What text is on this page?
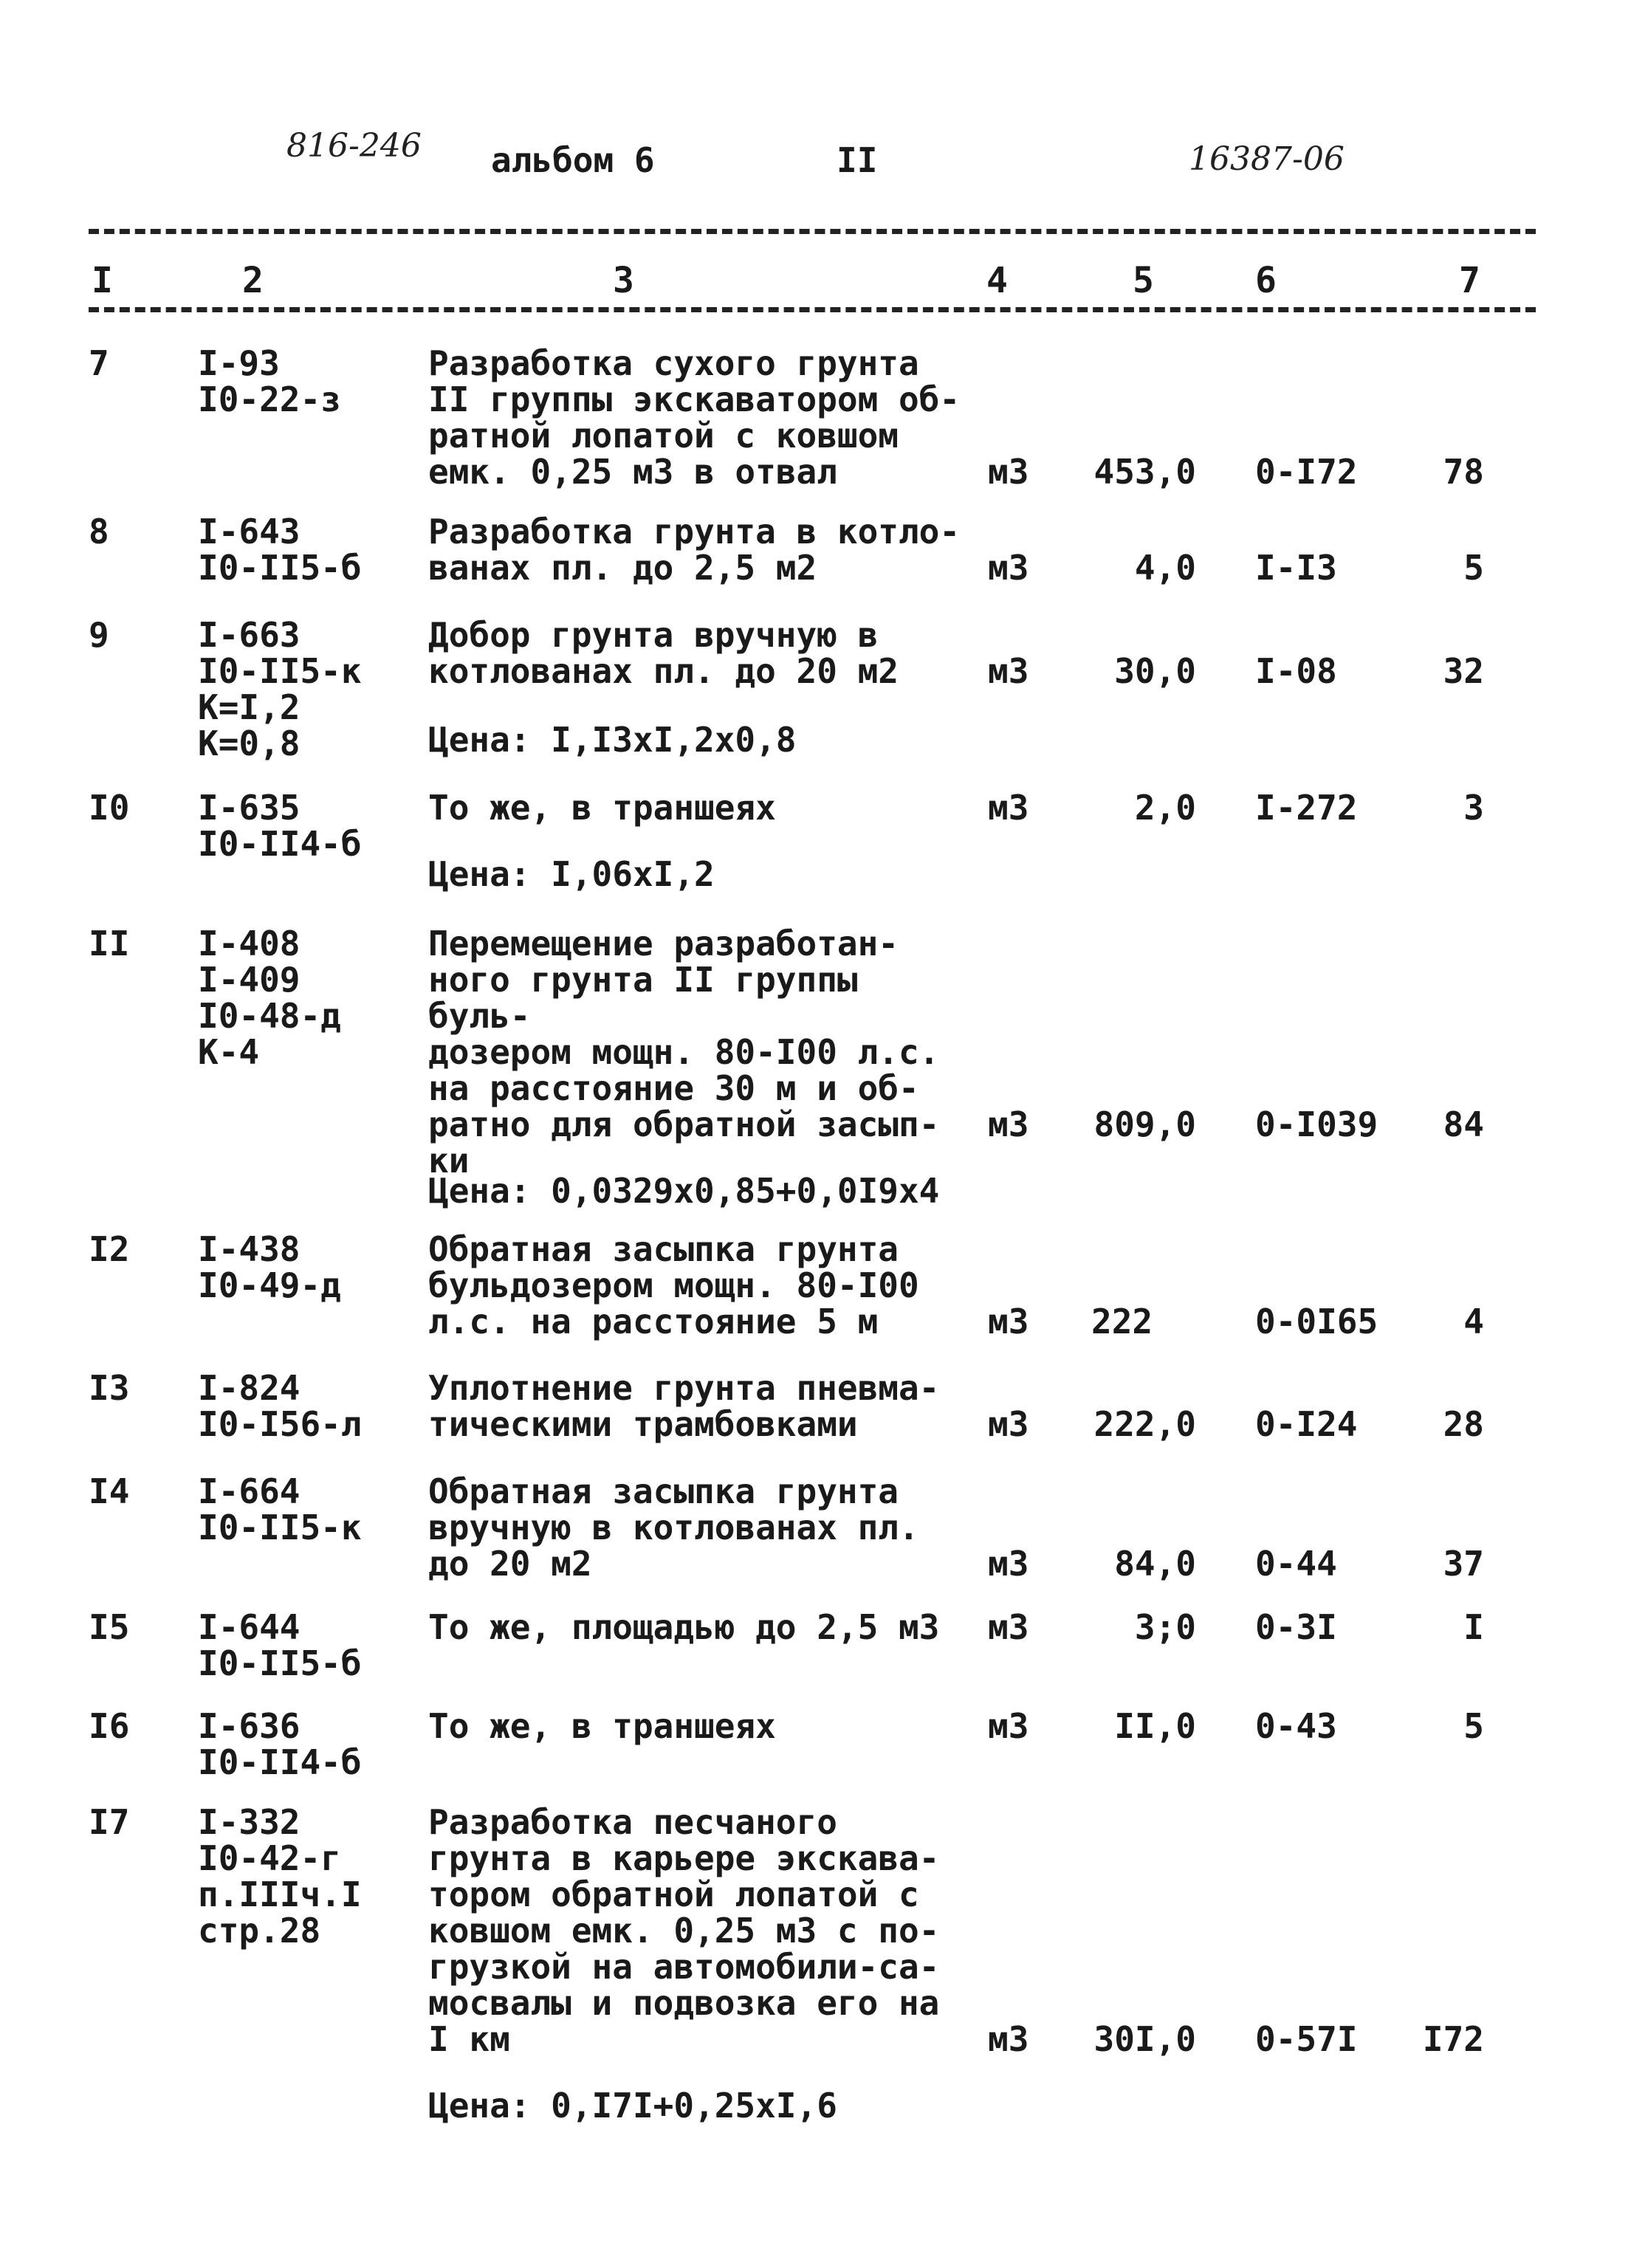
816-246 альбом 6	II	16387-06
I	2	3	4	5	6	7
7	I-93
I0-22-з
Разработка сухого грунта
II группы экскаватором об-
ратной лопатой с ковшом
емк. 0,25 м3 в отвал	м3	453,0 0-I72	78
8	I-643
I0-II5-б
Разработка грунта в котло-
ванах пл. до 2,5 м2	м3	4,0 I-I3	5
9	I-663
I0-II5-к
К=I,2
К=0,8
Добор грунта вручную в
котлованах пл. до 20 м2	м3	30,0 I-08	32
Цена: I,I3хI,2х0,8
I0	I-635
I0-II4-б
То же, в траншеях	м3	2,0 I-272	3
Цена: I,06хI,2
II	I-408
I-409
I0-48-д
К-4
Перемещение разработан-
ного грунта II группы буль-
дозером мощн. 80-I00 л.с.
на расстояние 30 м и об-
ратно для обратной засып-
ки
м3	809,0 0-I039	84
Цена: 0,0329х0,85+0,0I9х4
I2	I-438
I0-49-д
Обратная засыпка грунта
бульдозером мощн. 80-I00
л.с. на расстояние 5 м	м3	222	0-0I65	4
I3	I-824
I0-I56-л
Уплотнение грунта пневма-
тическими трамбовками	м3	222,0 0-I24	28
I4	I-664
I0-II5-к
Обратная засыпка грунта
вручную в котлованах пл.
до 20 м2	м3	84,0 0-44	37
I5	I-644
I0-II5-б
То же, площадью до 2,5 м3	м3	3;0 0-3I	I
I6	I-636
I0-II4-б
То же, в траншеях	м3	II,0 0-43	5
I7	I-332
I0-42-г
п.IIIч.I
стр.28
Разработка песчаного
грунта в карьере экскава-
тором обратной лопатой с
ковшом емк. 0,25 м3 с по-
грузкой на автомобили-са-
мосвалы и подвозка его на
I км	м3	30I,0 0-57I	I72
Цена: 0,I7I+0,25хI,6
